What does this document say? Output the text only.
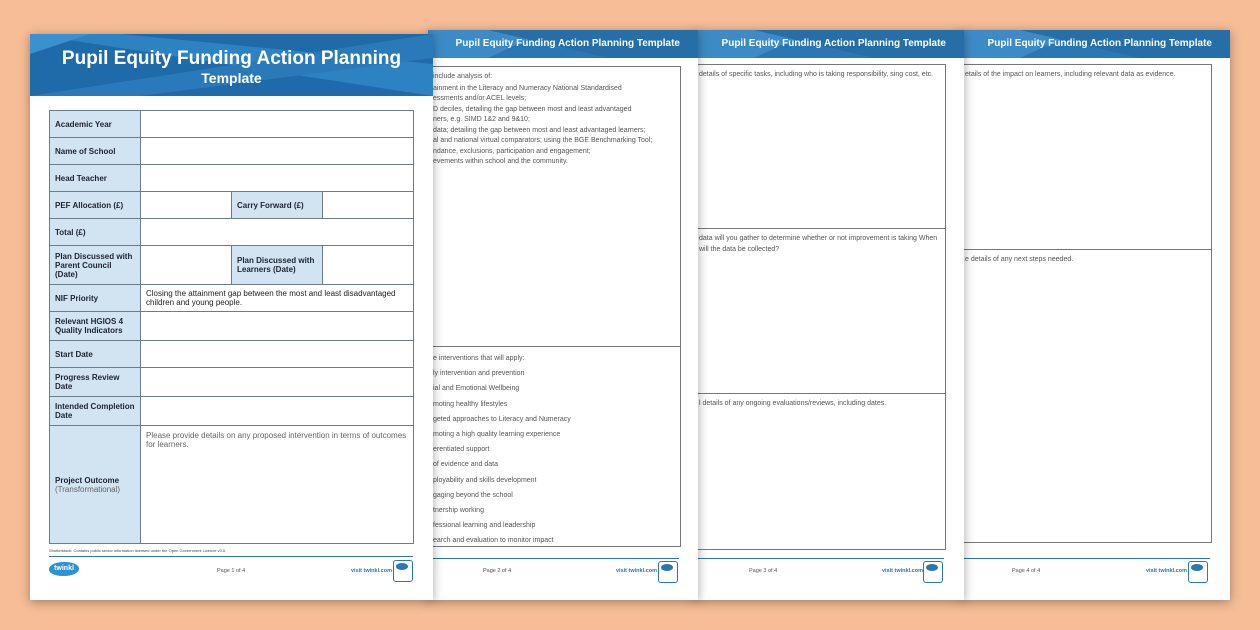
Pupil Equity Funding Action Planning Template
etails of the impact on learners, including relevant data as evidence.
e details of any next steps needed.
Page 4 of 4	visit twinkl.com
Pupil Equity Funding Action Planning Template
details of specific tasks, including who is taking responsibility, sing cost, etc.
data will you gather to determine whether or not improvement is taking When will the data be collected?
l details of any ongoing evaluations/reviews, including dates.
Page 3 of 4	visit twinkl.com
Pupil Equity Funding Action Planning Template
include analysis of:
ainment in the Literacy and Numeracy National Standardised
essments and/or ACEL levels;
D deciles, detailing the gap between most and least advantaged
ners, e.g. SIMD 1&2 and 9&10;
data; detailing the gap between most and least advantaged learners;
al and national virtual comparators; using the BGE Benchmarking Tool;
ndance, exclusions, participation and engagement;
evements within school and the community.
e interventions that will apply:
ly intervention and prevention
ial and Emotional Wellbeing
moting healthy lifestyles
geted approaches to Literacy and Numeracy
moting a high quality learning experience
erentiated support
of evidence and data
ployability and skills development
gaging beyond the school
tnership working
fessional learning and leadership
earch and evaluation to monitor impact
Page 2 of 4	visit twinkl.com
Pupil Equity Funding Action Planning
Template
Academic Year			
Name of School			
Head Teacher			
PEF Allocation (£)		Carry Forward (£)	
Total (£)			
Plan Discussed with Parent Council (Date)		Plan Discussed with Learners (Date)	
NIF Priority	Closing the attainment gap between the most and least disadvantaged children and young people.		
Relevant HGIOS 4 Quality Indicators			
Start Date			
Progress Review Date			
Intended Completion Date			
Project Outcome
(Transformational)	Please provide details on any proposed intervention in terms of outcomes for learners.		
Shutterstock: Contains public sector information licensed under the Open Government Licence v3.0.
twinkl	Page 1 of 4	visit twinkl.com
